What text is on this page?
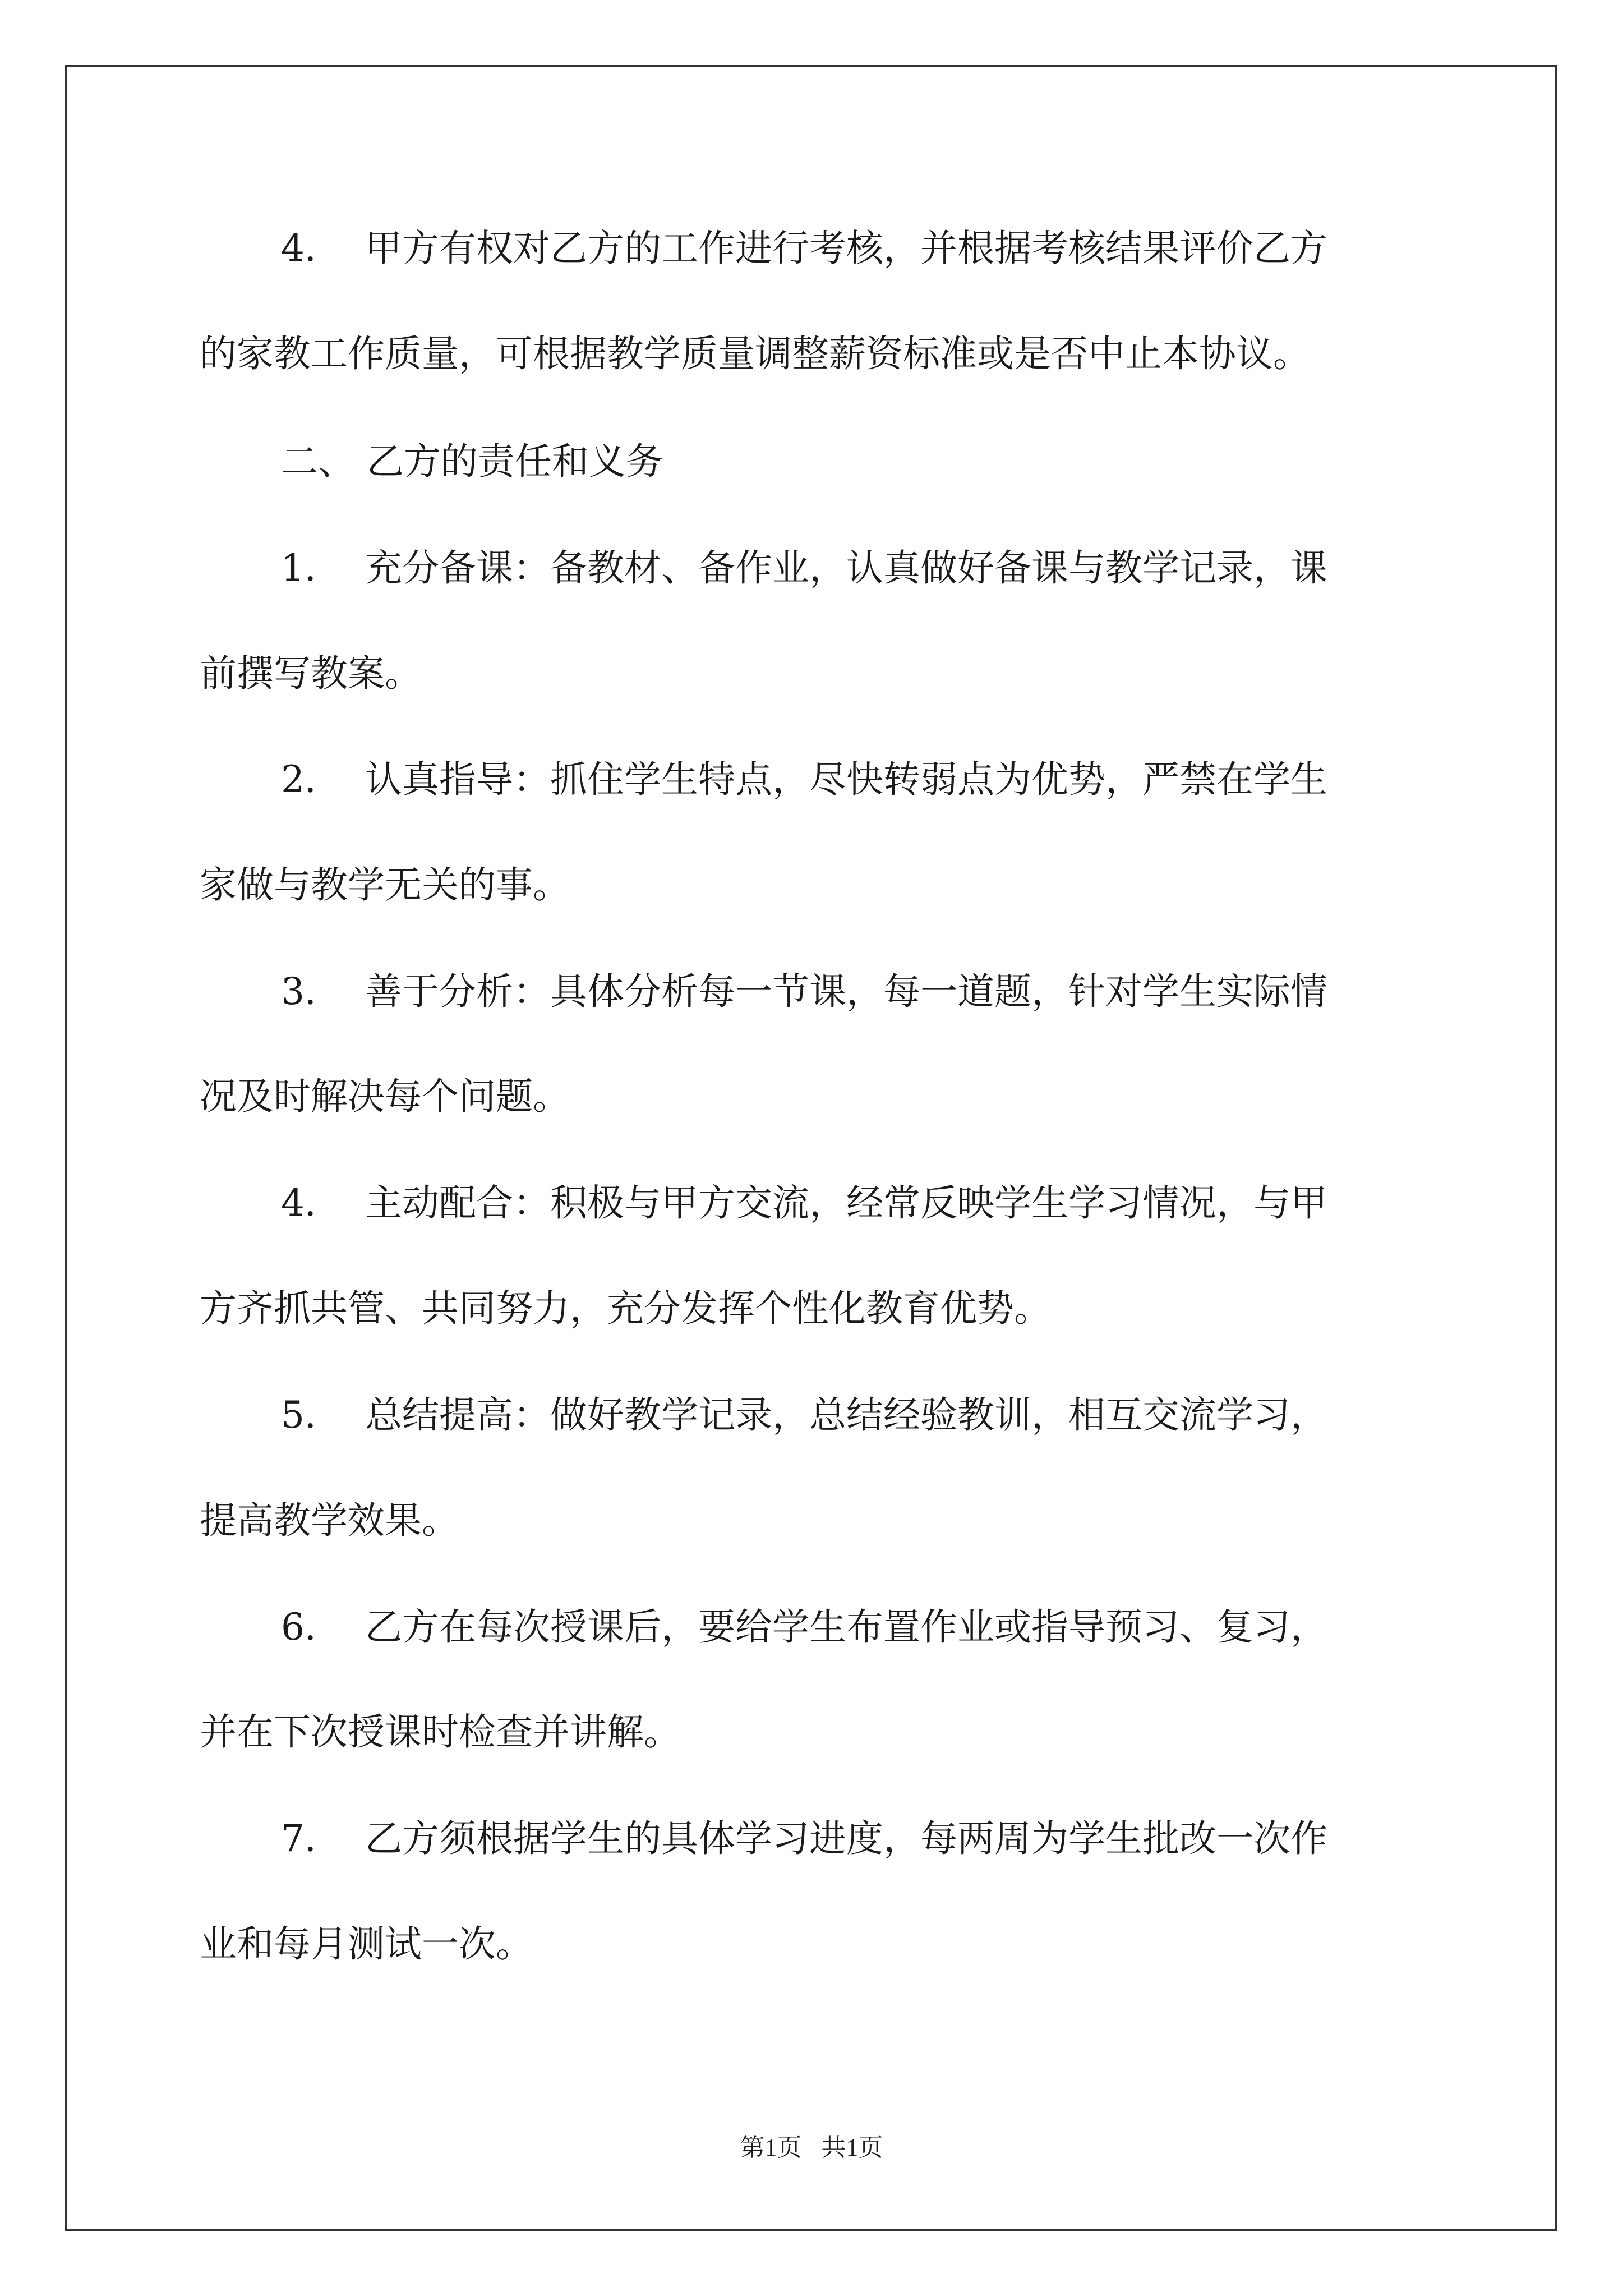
4． 甲方有权对乙方的工作进行考核，并根据考核结果评价乙方
的家教工作质量，可根据教学质量调整薪资标准或是否中止本协议。
二、 乙方的责任和义务
1． 充分备课：备教材、备作业，认真做好备课与教学记录，课
前撰写教案。
2． 认真指导：抓住学生特点，尽快转弱点为优势，严禁在学生
家做与教学无关的事。
3． 善于分析：具体分析每一节课，每一道题，针对学生实际情
况及时解决每个问题。
4． 主动配合：积极与甲方交流，经常反映学生学习情况，与甲
方齐抓共管、共同努力，充分发挥个性化教育优势。
5． 总结提高：做好教学记录，总结经验教训，相互交流学习，
提高教学效果。
6． 乙方在每次授课后，要给学生布置作业或指导预习、复习，
并在下次授课时检查并讲解。
7． 乙方须根据学生的具体学习进度，每两周为学生批改一次作
业和每月测试一次。
第1页 共1页
